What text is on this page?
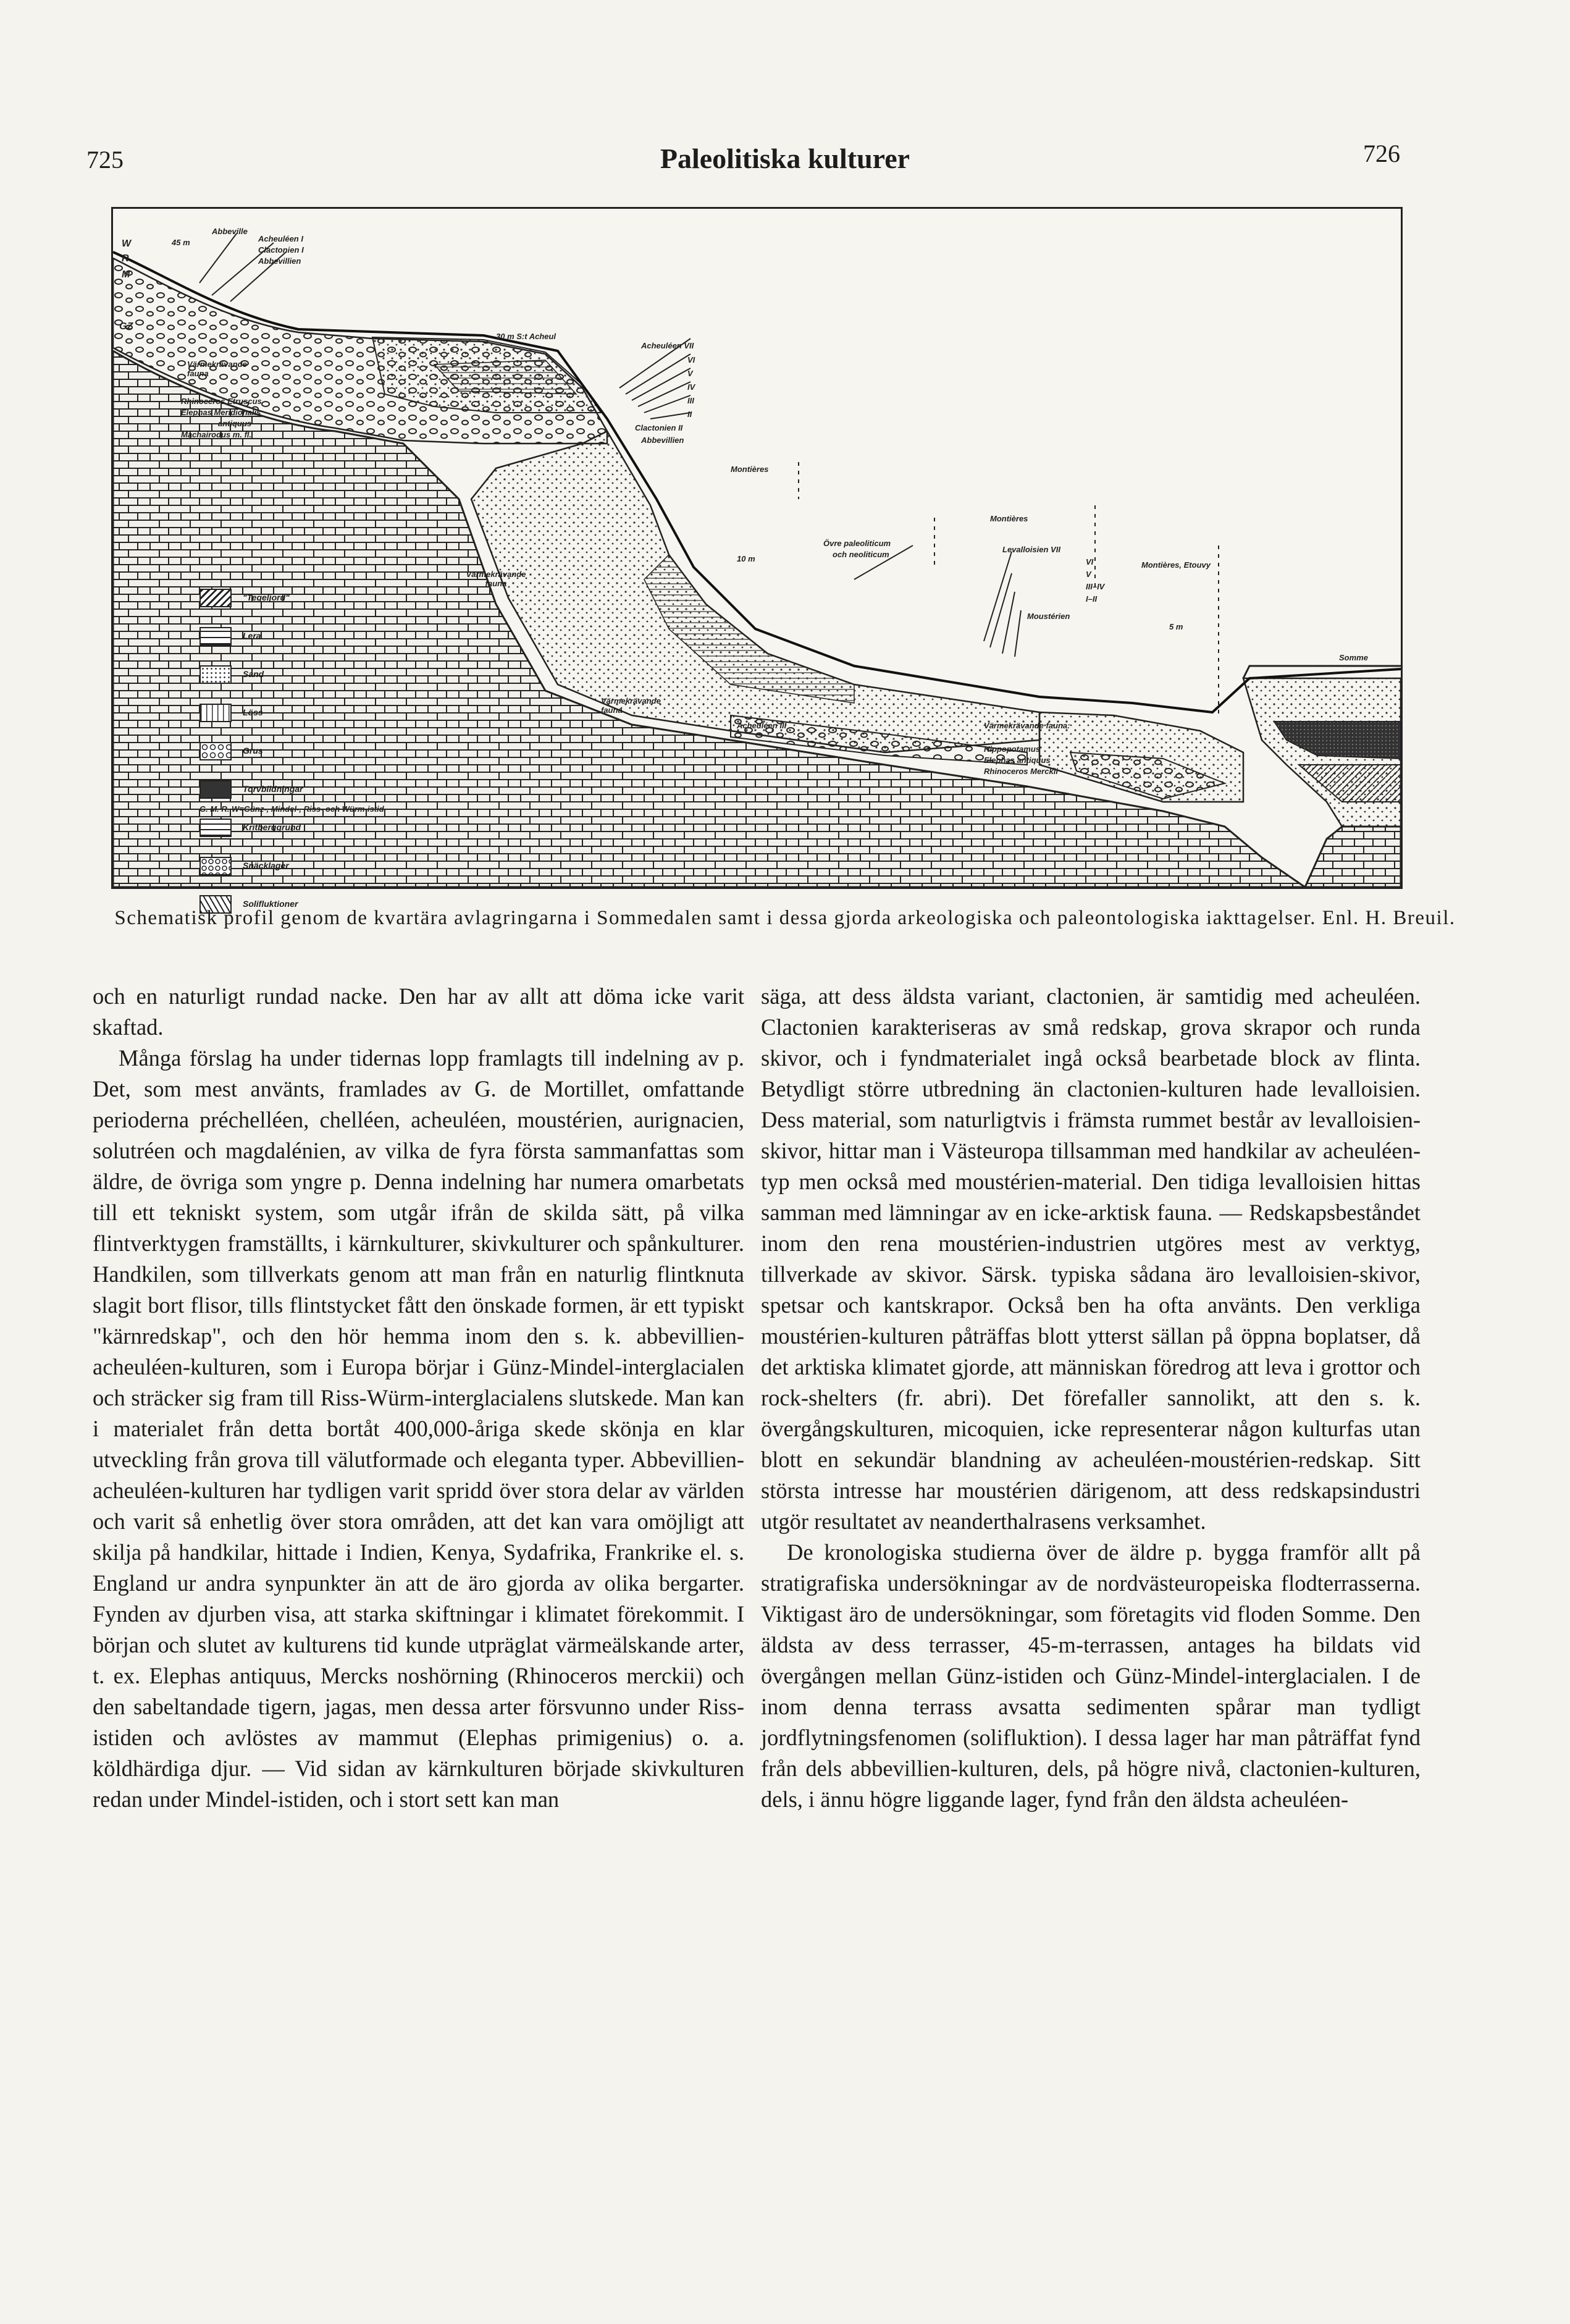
725	Paleolitiska kulturer	726
Abbeville
45 m	Acheuléen I
Clactonien I
Abbevillien
W
R
M
GZ
Värmekrävande fauna
Rhinoceros Etruscus
Elephas Meridionalis
antiquus
Machairodus m. fl.
30 m S:t Acheul
Acheuléen VII
VI
V
IV
III
II
Clactonien II
Abbevillien
Montières
Övre paleoliticum
och neoliticum
10 m
Montières
Levalloisien VII
VI
V
III–IV
I–II
Moustérien
Montières, Etouvy
5 m
Somme
Värmekrävande fauna
Värmekrävande fauna
Acheuléen III	Värmekrävande fauna:
Hippopotamus
Elephas antiquus
Rhinoceros Merckii
G. M. R. W=Günz-, Mindel-, Riss- och Würm-istid
"Tegeljord"
Lera
Sand
Löss
Grus
Torvbildningar
Kritberggrund
Snäcklager
Solifluktioner
Schematisk profil genom de kvartära avlagringarna i Sommedalen samt i dessa gjorda arkeologiska och paleontologiska iakttagelser. Enl. H. Breuil.

och en naturligt rundad nacke. Den har av allt att döma icke varit skaftad.

Många förslag ha under tidernas lopp framlagts till indelning av p. Det, som mest använts, framlades av G. de Mortillet, omfattande perioderna préchelléen, chelléen, acheuléen, moustérien, aurignacien, solutréen och magdalénien, av vilka de fyra första sammanfattas som äldre, de övriga som yngre p. Denna indelning har numera omarbetats till ett tekniskt system, som utgår ifrån de skilda sätt, på vilka flintverktygen framställts, i kärnkulturer, skivkulturer och spånkulturer. Handkilen, som tillverkats genom att man från en naturlig flintknuta slagit bort flisor, tills flintstycket fått den önskade formen, är ett typiskt "kärnredskap", och den hör hemma inom den s. k. abbevillien-acheuléen-kulturen, som i Europa börjar i Günz-Mindel-interglacialen och sträcker sig fram till Riss-Würm-interglacialens slutskede. Man kan i materialet från detta bortåt 400,000-åriga skede skönja en klar utveckling från grova till välutformade och eleganta typer. Abbevillien-acheuléen-kulturen har tydligen varit spridd över stora delar av världen och varit så enhetlig över stora områden, att det kan vara omöjligt att skilja på handkilar, hittade i Indien, Kenya, Sydafrika, Frankrike el. s. England ur andra synpunkter än att de äro gjorda av olika bergarter. Fynden av djurben visa, att starka skiftningar i klimatet förekommit. I början och slutet av kulturens tid kunde utpräglat värmeälskande arter, t. ex. Elephas antiquus, Mercks noshörning (Rhinoceros merckii) och den sabeltandade tigern, jagas, men dessa arter försvunno under Riss-istiden och avlöstes av mammut (Elephas primigenius) o. a. köldhärdiga djur. — Vid sidan av kärnkulturen började skivkulturen redan under Mindel-istiden, och i stort sett kan man

säga, att dess äldsta variant, clactonien, är samtidig med acheuléen. Clactonien karakteriseras av små redskap, grova skrapor och runda skivor, och i fyndmaterialet ingå också bearbetade block av flinta. Betydligt större utbredning än clactonien-kulturen hade levalloisien. Dess material, som naturligtvis i främsta rummet består av levalloisien-skivor, hittar man i Västeuropa tillsamman med handkilar av acheuléen-typ men också med moustérien-material. Den tidiga levalloisien hittas samman med lämningar av en icke-arktisk fauna. — Redskapsbeståndet inom den rena moustérien-industrien utgöres mest av verktyg, tillverkade av skivor. Särsk. typiska sådana äro levalloisien-skivor, spetsar och kantskrapor. Också ben ha ofta använts. Den verkliga moustérien-kulturen påträffas blott ytterst sällan på öppna boplatser, då det arktiska klimatet gjorde, att människan föredrog att leva i grottor och rock-shelters (fr. abri). Det förefaller sannolikt, att den s. k. övergångskulturen, micoquien, icke representerar någon kulturfas utan blott en sekundär blandning av acheuléen-moustérien-redskap. Sitt största intresse har moustérien därigenom, att dess redskapsindustri utgör resultatet av neanderthalrasens verksamhet.

De kronologiska studierna över de äldre p. bygga framför allt på stratigrafiska undersökningar av de nordvästeuropeiska flodterrasserna. Viktigast äro de undersökningar, som företagits vid floden Somme. Den äldsta av dess terrasser, 45-m-terrassen, antages ha bildats vid övergången mellan Günz-istiden och Günz-Mindel-interglacialen. I de inom denna terrass avsatta sedimenten spårar man tydligt jordflytningsfenomen (solifluktion). I dessa lager har man påträffat fynd från dels abbevillien-kulturen, dels, på högre nivå, clactonien-kulturen, dels, i ännu högre liggande lager, fynd från den äldsta acheuléen-
